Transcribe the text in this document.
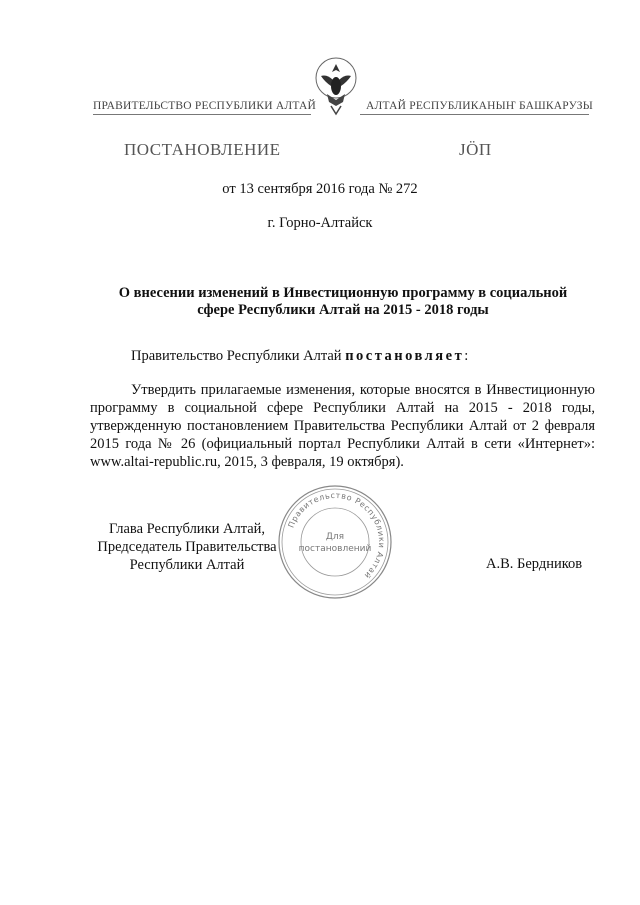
ПРАВИТЕЛЬСТВО РЕСПУБЛИКИ АЛТАЙ	АЛТАЙ РЕСПУБЛИКАНЫҤ БАШКАРУЗЫ
ПОСТАНОВЛЕНИЕ	JӦП
от 13 сентября 2016 года № 272
г. Горно-Алтайск
О внесении изменений в Инвестиционную программу в социальной
сфере Республики Алтай на 2015 - 2018 годы
Правительство Республики Алтай постановляет:
Утвердить прилагаемые изменения, которые вносятся в Инвестиционную программу в социальной сфере Республики Алтай на 2015 - 2018 годы, утвержденную постановлением Правительства Республики Алтай от 2 февраля 2015 года № 26 (официальный портал Республики Алтай в сети «Интернет»: www.altai-republic.ru, 2015, 3 февраля, 19 октября).
Глава Республики Алтай,
Председатель Правительства
Республики Алтай	А.В. Бердников
Правительство Республики Алтай
Для
постановлений
